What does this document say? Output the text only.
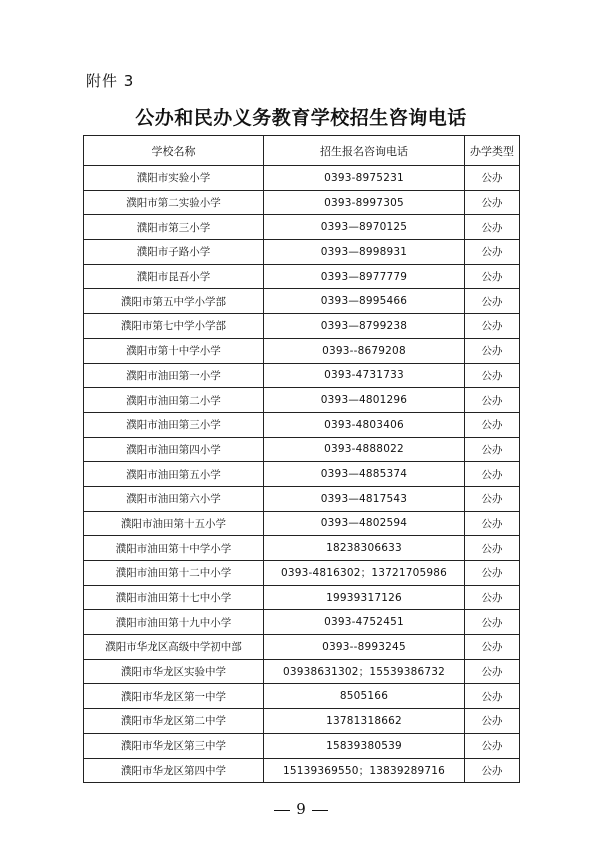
附件 3
公办和民办义务教育学校招生咨询电话
学校名称	招生报名咨询电话	办学类型
濮阳市实验小学	0393-8975231	公办
濮阳市第二实验小学	0393-8997305	公办
濮阳市第三小学	0393—8970125	公办
濮阳市子路小学	0393—8998931	公办
濮阳市昆吾小学	0393—8977779	公办
濮阳市第五中学小学部	0393—8995466	公办
濮阳市第七中学小学部	0393—8799238	公办
濮阳市第十中学小学	0393--8679208	公办
濮阳市油田第一小学	0393-4731733	公办
濮阳市油田第二小学	0393—4801296	公办
濮阳市油田第三小学	0393-4803406	公办
濮阳市油田第四小学	0393-4888022	公办
濮阳市油田第五小学	0393—4885374	公办
濮阳市油田第六小学	0393—4817543	公办
濮阳市油田第十五小学	0393—4802594	公办
濮阳市油田第十中学小学	18238306633	公办
濮阳市油田第十二中小学	0393-4816302；13721705986	公办
濮阳市油田第十七中小学	19939317126	公办
濮阳市油田第十九中小学	0393-4752451	公办
濮阳市华龙区高级中学初中部	0393--8993245	公办
濮阳市华龙区实验中学	03938631302；15539386732	公办
濮阳市华龙区第一中学	8505166	公办
濮阳市华龙区第二中学	13781318662	公办
濮阳市华龙区第三中学	15839380539	公办
濮阳市华龙区第四中学	15139369550；13839289716	公办
9
